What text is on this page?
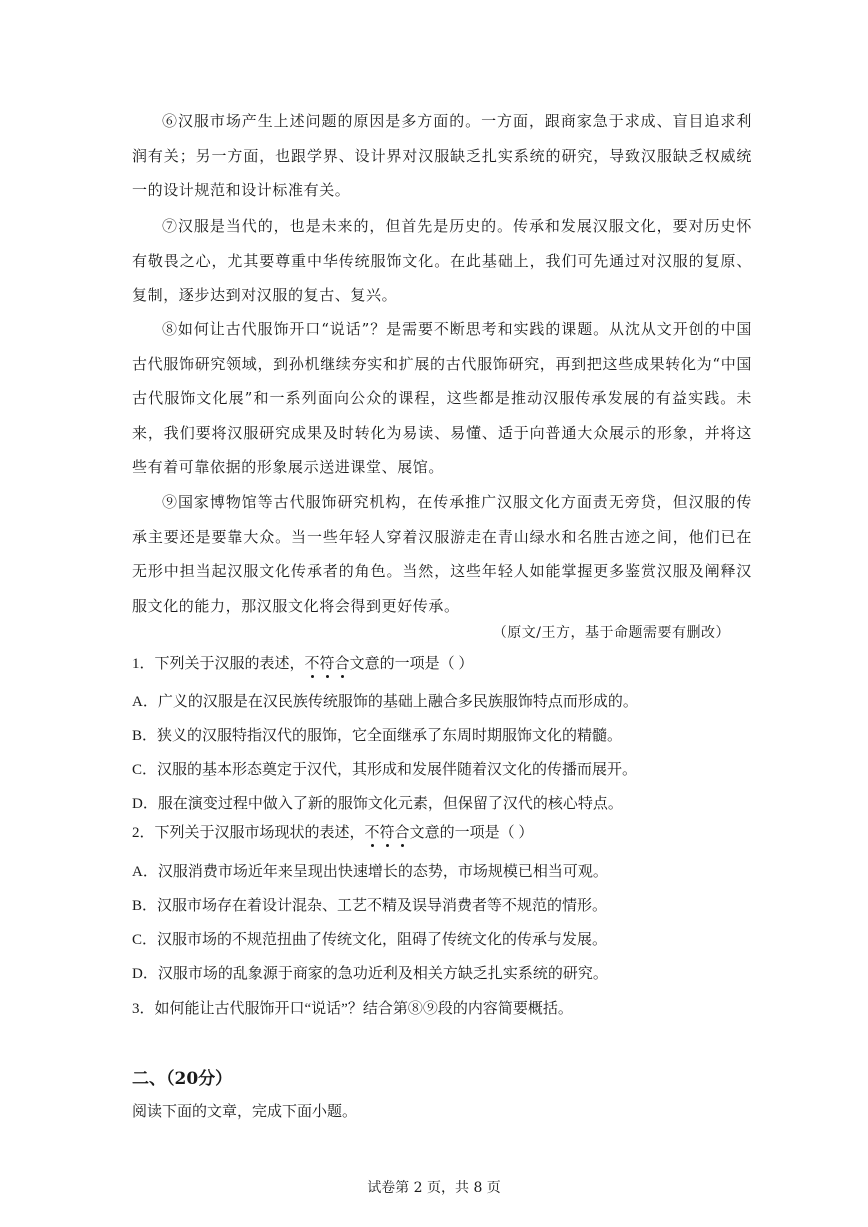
⑥汉服市场产生上述问题的原因是多方面的。一方面，跟商家急于求成、盲目追求利润有关；另一方面，也跟学界、设计界对汉服缺乏扎实系统的研究，导致汉服缺乏权威统一的设计规范和设计标准有关。

⑦汉服是当代的，也是未来的，但首先是历史的。传承和发展汉服文化，要对历史怀有敬畏之心，尤其要尊重中华传统服饰文化。在此基础上，我们可先通过对汉服的复原、复制，逐步达到对汉服的复古、复兴。

⑧如何让古代服饰开口“说话”？是需要不断思考和实践的课题。从沈从文开创的中国古代服饰研究领域，到孙机继续夯实和扩展的古代服饰研究，再到把这些成果转化为“中国古代服饰文化展”和一系列面向公众的课程，这些都是推动汉服传承发展的有益实践。未来，我们要将汉服研究成果及时转化为易读、易懂、适于向普通大众展示的形象，并将这些有着可靠依据的形象展示送进课堂、展馆。

⑨国家博物馆等古代服饰研究机构，在传承推广汉服文化方面责无旁贷，但汉服的传承主要还是要靠大众。当一些年轻人穿着汉服游走在青山绿水和名胜古迹之间，他们已在无形中担当起汉服文化传承者的角色。当然，这些年轻人如能掌握更多鉴赏汉服及阐释汉服文化的能力，那汉服文化将会得到更好传承。

（原文/王方，基于命题需要有删改）

1．下列关于汉服的表述，不符合文意的一项是（ ）

A．广义的汉服是在汉民族传统服饰的基础上融合多民族服饰特点而形成的。

B．狭义的汉服特指汉代的服饰，它全面继承了东周时期服饰文化的精髓。

C．汉服的基本形态奠定于汉代，其形成和发展伴随着汉文化的传播而展开。

D．服在演变过程中做入了新的服饰文化元素，但保留了汉代的核心特点。

2．下列关于汉服市场现状的表述，不符合文意的一项是（ ）

A．汉服消费市场近年来呈现出快速增长的态势，市场规模已相当可观。

B．汉服市场存在着设计混杂、工艺不精及误导消费者等不规范的情形。

C．汉服市场的不规范扭曲了传统文化，阻碍了传统文化的传承与发展。

D．汉服市场的乱象源于商家的急功近利及相关方缺乏扎实系统的研究。

3．如何能让古代服饰开口“说话”？结合第⑧⑨段的内容简要概括。

二、（20分）

阅读下面的文章，完成下面小题。

试卷第 2 页，共 8 页
